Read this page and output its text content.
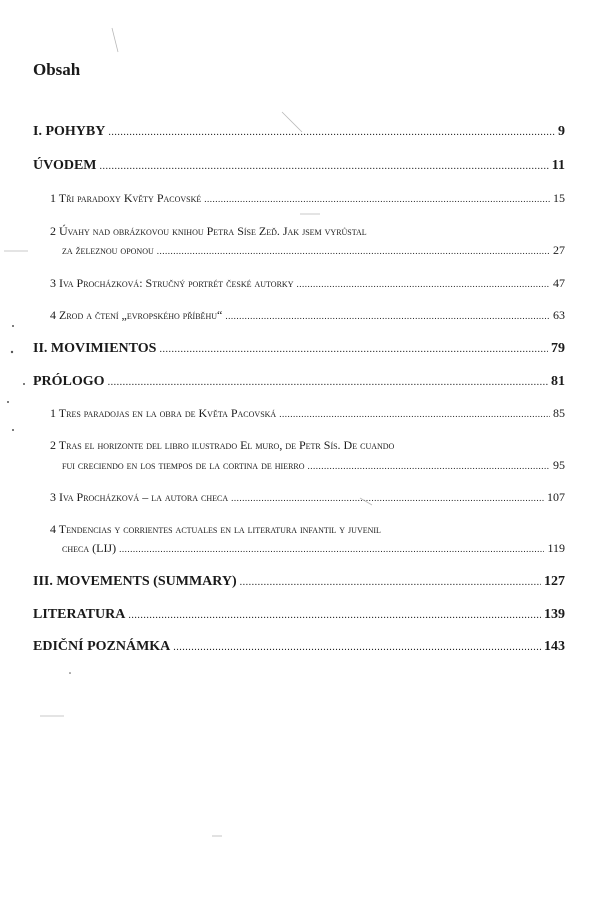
Obsah
I. POHYBY .....	9
ÚVODEM .....	11
1 Tři paradoxy Květy Pacovské .....	15
2 Úvahy nad obrázkovou knihou Petra Síse Zeď. Jak jsem vyrůstal
za železnou oponou .....	27
3 Iva Procházková: Stručný portrét české autorky .....	47
4 Zrod a čtení „evropského příběhu“ .....	63
II. MOVIMIENTOS .....	79
PRÓLOGO .....	81
1 Tres paradojas en la obra de Květa Pacovská .....	85
2 Tras el horizonte del libro ilustrado El muro, de Petr Sís. De cuando
fui creciendo en los tiempos de la cortina de hierro .....	95
3 Iva Procházková – la autora checa .....	107
4 Tendencias y corrientes actuales en la literatura infantil y juvenil
checa (LIJ) .....	119
III. MOVEMENTS (SUMMARY) .....	127
LITERATURA .....	139
EDIČNÍ POZNÁMKA .....	143
